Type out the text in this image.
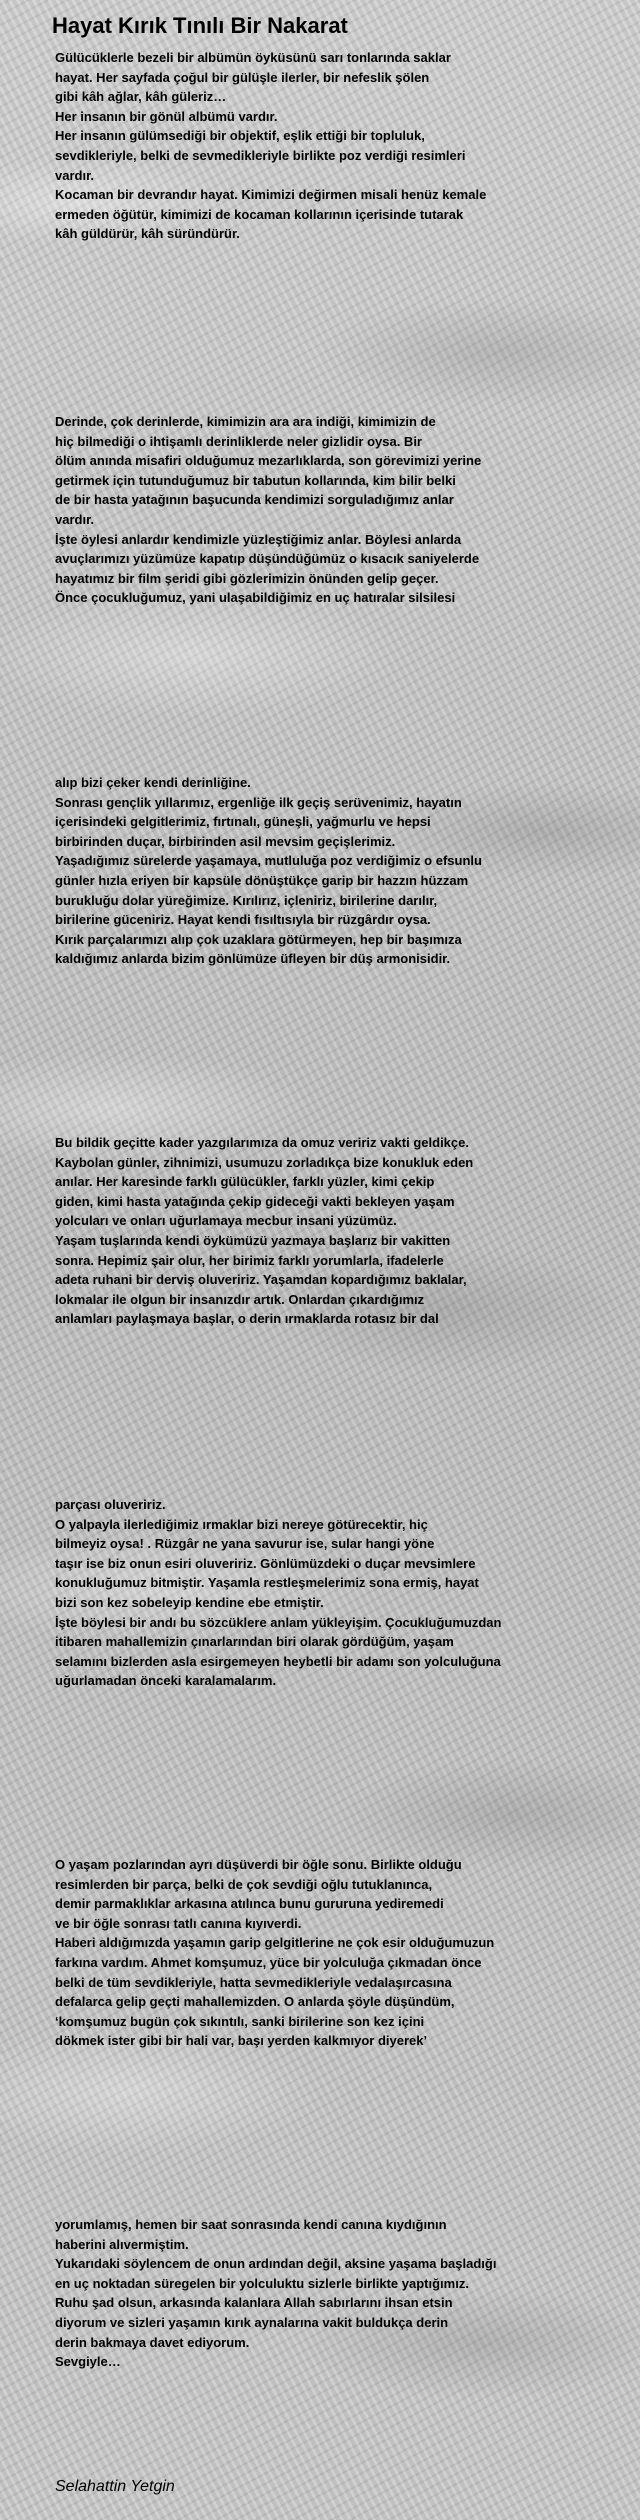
Hayat Kırık Tınılı Bir Nakarat
Gülücüklerle bezeli bir albümün öyküsünü sarı tonlarında saklar
hayat. Her sayfada çoğul bir gülüşle ilerler, bir nefeslik şölen
gibi kâh ağlar, kâh güleriz…
Her insanın bir gönül albümü vardır.
Her insanın gülümsediği bir objektif, eşlik ettiği bir topluluk,
sevdikleriyle, belki de sevmedikleriyle birlikte poz verdiği resimleri
vardır.
Kocaman bir devrandır hayat. Kimimizi değirmen misali henüz kemale
ermeden öğütür, kimimizi de kocaman kollarının içerisinde tutarak
kâh güldürür, kâh süründürür.
Derinde, çok derinlerde, kimimizin ara ara indiği, kimimizin de
hiç bilmediği o ihtişamlı derinliklerde neler gizlidir oysa. Bir
ölüm anında misafiri olduğumuz mezarlıklarda, son görevimizi yerine
getirmek için tutunduğumuz bir tabutun kollarında, kim bilir belki
de bir hasta yatağının başucunda kendimizi sorguladığımız anlar
vardır.
İşte öylesi anlardır kendimizle yüzleştiğimiz anlar. Böylesi anlarda
avuçlarımızı yüzümüze kapatıp düşündüğümüz o kısacık saniyelerde
hayatımız bir film şeridi gibi gözlerimizin önünden gelip geçer.
Önce çocukluğumuz, yani ulaşabildiğimiz en uç hatıralar silsilesi
alıp bizi çeker kendi derinliğine.
Sonrası gençlik yıllarımız, ergenliğe ilk geçiş serüvenimiz, hayatın
içerisindeki gelgitlerimiz, fırtınalı, güneşli, yağmurlu ve hepsi
birbirinden duçar, birbirinden asil mevsim geçişlerimiz.
Yaşadığımız sürelerde yaşamaya, mutluluğa poz verdiğimiz o efsunlu
günler hızla eriyen bir kapsüle dönüştükçe garip bir hazzın hüzzam
burukluğu dolar yüreğimize. Kırılırız, içleniriz, birilerine darılır,
birilerine güceniriz. Hayat kendi fısıltısıyla bir rüzgârdır oysa.
Kırık parçalarımızı alıp çok uzaklara götürmeyen, hep bir başımıza
kaldığımız anlarda bizim gönlümüze üfleyen bir düş armonisidir.
Bu bildik geçitte kader yazgılarımıza da omuz veririz vakti geldikçe.
Kaybolan günler, zihnimizi, usumuzu zorladıkça bize konukluk eden
anılar. Her karesinde farklı gülücükler, farklı yüzler, kimi çekip
giden, kimi hasta yatağında çekip gideceği vakti bekleyen yaşam
yolcuları ve onları uğurlamaya mecbur insani yüzümüz.
Yaşam tuşlarında kendi öykümüzü yazmaya başlarız bir vakitten
sonra. Hepimiz şair olur, her birimiz farklı yorumlarla, ifadelerle
adeta ruhani bir derviş oluveririz. Yaşamdan kopardığımız baklalar,
lokmalar ile olgun bir insanızdır artık. Onlardan çıkardığımız
anlamları paylaşmaya başlar, o derin ırmaklarda rotasız bir dal
parçası oluveririz.
O yalpayla ilerlediğimiz ırmaklar bizi nereye götürecektir, hiç
bilmeyiz oysa! . Rüzgâr ne yana savurur ise, sular hangi yöne
taşır ise biz onun esiri oluveririz. Gönlümüzdeki o duçar mevsimlere
konukluğumuz bitmiştir. Yaşamla restleşmelerimiz sona ermiş, hayat
bizi son kez sobeleyip kendine ebe etmiştir.
İşte böylesi bir andı bu sözcüklere anlam yükleyişim. Çocukluğumuzdan
itibaren mahallemizin çınarlarından biri olarak gördüğüm, yaşam
selamını bizlerden asla esirgemeyen heybetli bir adamı son yolculuğuna
uğurlamadan önceki karalamalarım.
O yaşam pozlarından ayrı düşüverdi bir öğle sonu. Birlikte olduğu
resimlerden bir parça, belki de çok sevdiği oğlu tutuklanınca,
demir parmaklıklar arkasına atılınca bunu gururuna yediremedi
ve bir öğle sonrası tatlı canına kıyıverdi.
Haberi aldığımızda yaşamın garip gelgitlerine ne çok esir olduğumuzun
farkına vardım. Ahmet komşumuz, yüce bir yolculuğa çıkmadan önce
belki de tüm sevdikleriyle, hatta sevmedikleriyle vedalaşırcasına
defalarca gelip geçti mahallemizden. O anlarda şöyle düşündüm,
‘komşumuz bugün çok sıkıntılı, sanki birilerine son kez içini
dökmek ister gibi bir hali var, başı yerden kalkmıyor diyerek’
yorumlamış, hemen bir saat sonrasında kendi canına kıydığının
haberini alıvermiştim.
Yukarıdaki söylencem de onun ardından değil, aksine yaşama başladığı
en uç noktadan süregelen bir yolculuktu sizlerle birlikte yaptığımız.
Ruhu şad olsun, arkasında kalanlara Allah sabırlarını ihsan etsin
diyorum ve sizleri yaşamın kırık aynalarına vakit buldukça derin
derin bakmaya davet ediyorum.
Sevgiyle…

Selahattin Yetgin
